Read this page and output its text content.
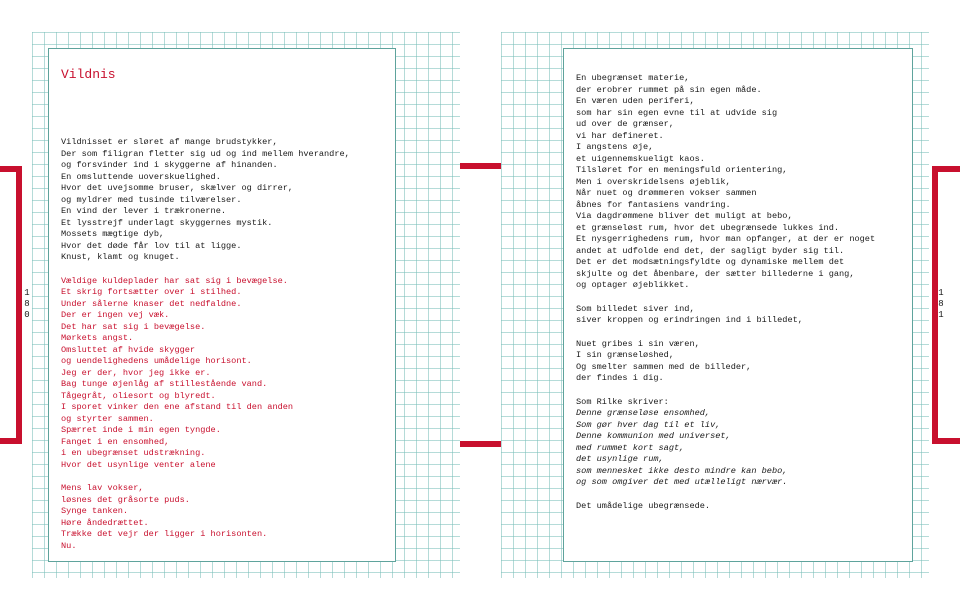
1
8
0
1
8
1
Vildnis
Vildnisset er sløret af mange brudstykker,
Der som filigran fletter sig ud og ind mellem hverandre,
og forsvinder ind i skyggerne af hinanden.
En omsluttende uoverskuelighed.
Hvor det uvejsomme bruser, skælver og dirrer,
og myldrer med tusinde tilværelser.
En vind der lever i trækronerne.
Et lysstrejf underlagt skyggernes mystik.
Mossets mægtige dyb,
Hvor det døde får lov til at ligge.
Knust, klamt og knuget.
Vældige kuldeplader har sat sig i bevægelse.
Et skrig fortsætter over i stilhed.
Under sålerne knaser det nedfaldne.
Der er ingen vej væk.
Det har sat sig i bevægelse.
Mørkets angst.
Omsluttet af hvide skygger
og uendelighedens umådelige horisont.
Jeg er der, hvor jeg ikke er.
Bag tunge øjenlåg af stillestående vand.
Tågegråt, oliesort og blyredt.
I sporet vinker den ene afstand til den anden
og styrter sammen.
Spærret inde i min egen tyngde.
Fanget i en ensomhed,
i en ubegrænset udstrækning.
Hvor det usynlige venter alene
Mens lav vokser,
løsnes det gråsorte puds.
Synge tanken.
Høre åndedrættet.
Trække det vejr der ligger i horisonten.
Nu.
En ubegrænset materie,
der erobrer rummet på sin egen måde.
En væren uden periferi,
som har sin egen evne til at udvide sig
ud over de grænser,
vi har defineret.
I angstens øje,
et uigennemskueligt kaos.
Tilsløret for en meningsfuld orientering,
Men i overskridelsens øjeblik,
Når nuet og drømmeren vokser sammen
åbnes for fantasiens vandring.
Via dagdrømmene bliver det muligt at bebo,
et grænseløst rum, hvor det ubegrænsede lukkes ind.
Et nysgerrighedens rum, hvor man opfanger, at der er noget
andet at udfolde end det, der sagligt byder sig til.
Det er det modsætningsfyldte og dynamiske mellem det
skjulte og det åbenbare, der sætter billederne i gang,
og optager øjeblikket.
Som billedet siver ind,
siver kroppen og erindringen ind i billedet,
Nuet gribes i sin væren,
I sin grænseløshed,
Og smelter sammen med de billeder,
der findes i dig.
Som Rilke skriver:
Denne grænseløse ensomhed,
Som gør hver dag til et liv,
Denne kommunion med universet,
med rummet kort sagt,
det usynlige rum,
som mennesket ikke desto mindre kan bebo,
og som omgiver det med utælleligt nærvær.
Det umådelige ubegrænsede.
